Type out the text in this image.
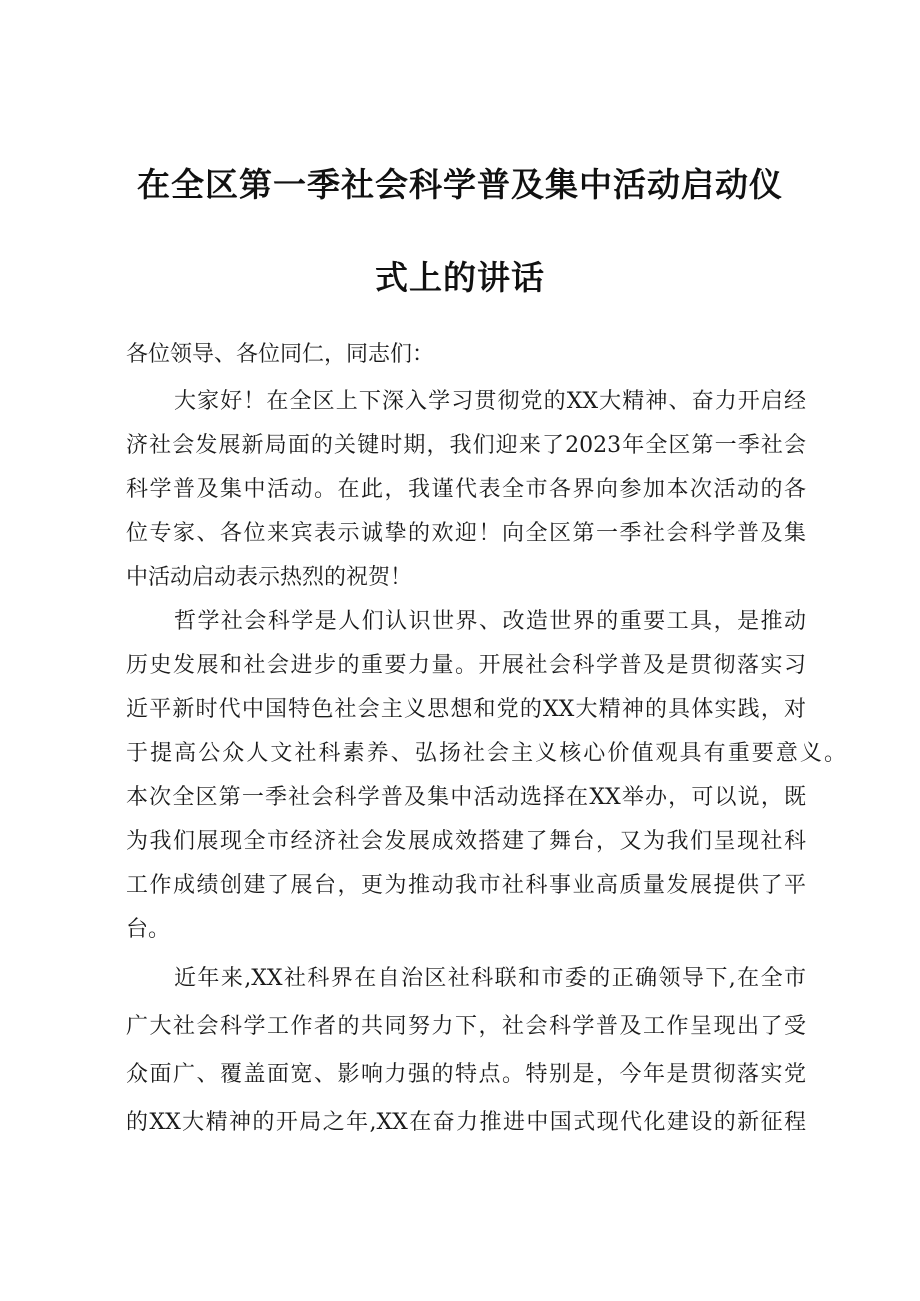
在全区第一季社会科学普及集中活动启动仪
式上的讲话
各位领导、各位同仁，同志们：
大家好！在全区上下深入学习贯彻党的XX大精神、奋力开启经
济社会发展新局面的关键时期，我们迎来了2023年全区第一季社会
科学普及集中活动。在此，我谨代表全市各界向参加本次活动的各
位专家、各位来宾表示诚挚的欢迎！向全区第一季社会科学普及集
中活动启动表示热烈的祝贺！
哲学社会科学是人们认识世界、改造世界的重要工具，是推动
历史发展和社会进步的重要力量。开展社会科学普及是贯彻落实习
近平新时代中国特色社会主义思想和党的XX大精神的具体实践，对
于提高公众人文社科素养、弘扬社会主义核心价值观具有重要意义。
本次全区第一季社会科学普及集中活动选择在XX举办，可以说，既
为我们展现全市经济社会发展成效搭建了舞台，又为我们呈现社科
工作成绩创建了展台，更为推动我市社科事业高质量发展提供了平
台。
近年来,XX社科界在自治区社科联和市委的正确领导下,在全市
广大社会科学工作者的共同努力下，社会科学普及工作呈现出了受
众面广、覆盖面宽、影响力强的特点。特别是，今年是贯彻落实党
的XX大精神的开局之年,XX在奋力推进中国式现代化建设的新征程
